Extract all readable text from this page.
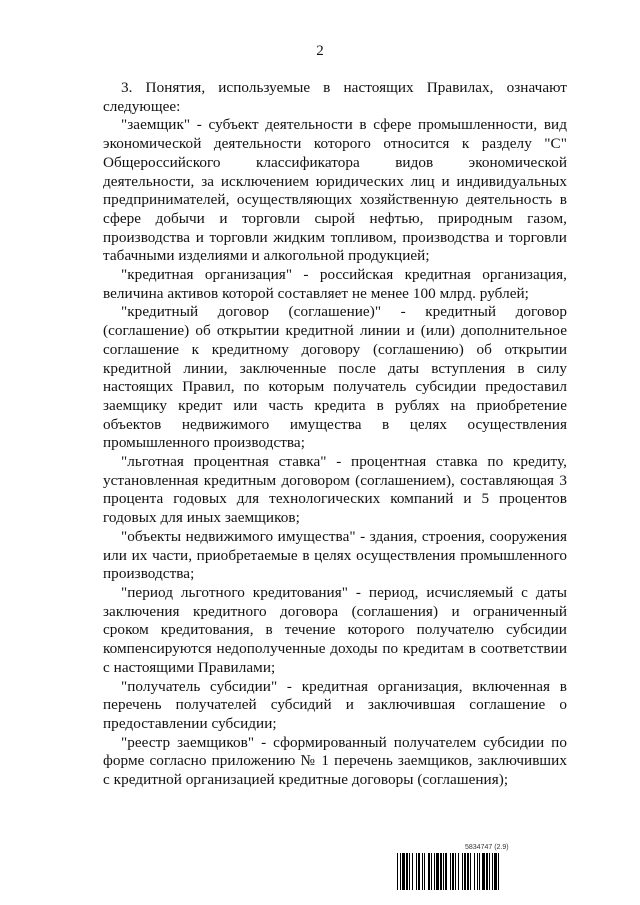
2

3. Понятия, используемые в настоящих Правилах, означают следующее:

"заемщик" - субъект деятельности в сфере промышленности, вид экономической деятельности которого относится к разделу "C" Общероссийского классификатора видов экономической деятельности, за исключением юридических лиц и индивидуальных предпринимателей, осуществляющих хозяйственную деятельность в сфере добычи и торговли сырой нефтью, природным газом, производства и торговли жидким топливом, производства и торговли табачными изделиями и алкогольной продукцией;

"кредитная организация" - российская кредитная организация, величина активов которой составляет не менее 100 млрд. рублей;

"кредитный договор (соглашение)" - кредитный договор (соглашение) об открытии кредитной линии и (или) дополнительное соглашение к кредитному договору (соглашению) об открытии кредитной линии, заключенные после даты вступления в силу настоящих Правил, по которым получатель субсидии предоставил заемщику кредит или часть кредита в рублях на приобретение объектов недвижимого имущества в целях осуществления промышленного производства;

"льготная процентная ставка" - процентная ставка по кредиту, установленная кредитным договором (соглашением), составляющая 3 процента годовых для технологических компаний и 5 процентов годовых для иных заемщиков;

"объекты недвижимого имущества" - здания, строения, сооружения или их части, приобретаемые в целях осуществления промышленного производства;

"период льготного кредитования" - период, исчисляемый с даты заключения кредитного договора (соглашения) и ограниченный сроком кредитования, в течение которого получателю субсидии компенсируются недополученные доходы по кредитам в соответствии с настоящими Правилами;

"получатель субсидии" - кредитная организация, включенная в перечень получателей субсидий и заключившая соглашение о предоставлении субсидии;

"реестр заемщиков" - сформированный получателем субсидии по форме согласно приложению № 1 перечень заемщиков, заключивших с кредитной организацией кредитные договоры (соглашения);

5834747 (2.9)
